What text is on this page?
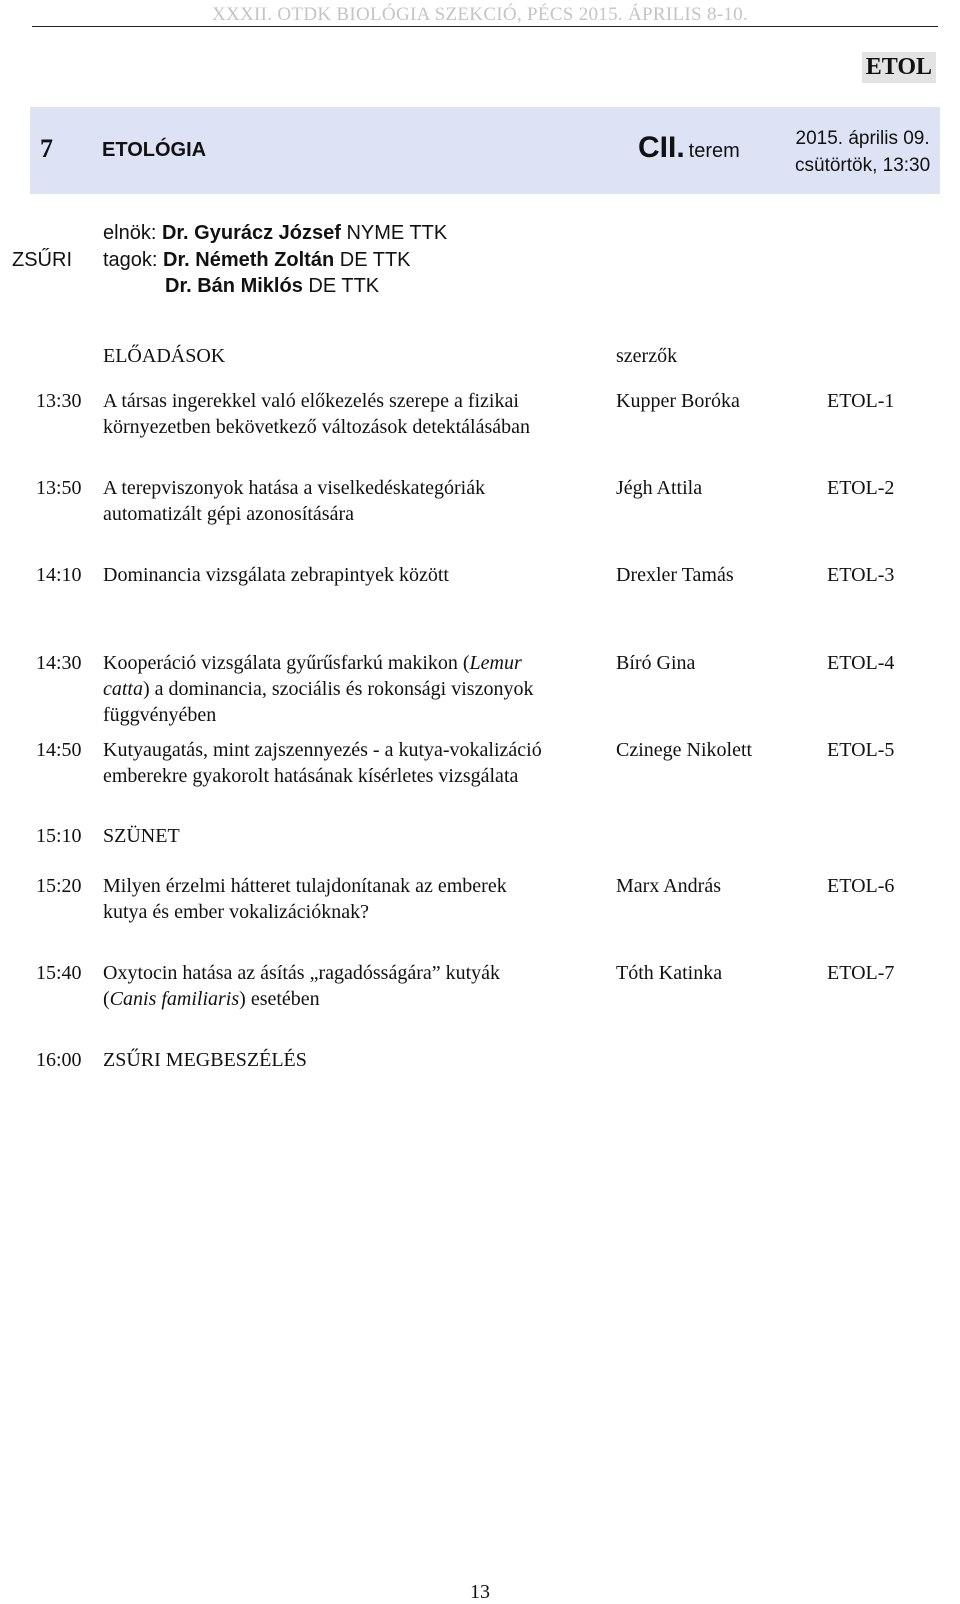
XXXII. OTDK BIOLÓGIA SZEKCIÓ, PÉCS 2015. ÁPRILIS 8-10.
ETOL
7 ETOLÓGIA	CII. terem
2015. április 09.
csütörtök, 13:30
ZSŰRI
elnök: Dr. Gyurácz József NYME TTK
tagok: Dr. Németh Zoltán DE TTK
Dr. Bán Miklós DE TTK
ELŐADÁSOK	szerzők
13:30 A társas ingerekkel való előkezelés szerepe a fizikai
környezetben bekövetkező változások detektálásában
Kupper Boróka	ETOL-1
13:50 A terepviszonyok hatása a viselkedéskategóriák
automatizált gépi azonosítására
Jégh Attila	ETOL-2
14:10 Dominancia vizsgálata zebrapintyek között	Drexler Tamás	ETOL-3
14:30 Kooperáció vizsgálata gyűrűsfarkú makikon (Lemur
catta) a dominancia, szociális és rokonsági viszonyok
függvényében
Bíró Gina	ETOL-4
14:50 Kutyaugatás, mint zajszennyezés - a kutya-vokalizáció
emberekre gyakorolt hatásának kísérletes vizsgálata
Czinege Nikolett	ETOL-5
15:10 SZÜNET
15:20 Milyen érzelmi hátteret tulajdonítanak az emberek
kutya és ember vokalizációknak?
Marx András	ETOL-6
15:40 Oxytocin hatása az ásítás „ragadósságára” kutyák
(Canis familiaris) esetében
Tóth Katinka	ETOL-7
16:00 ZSŰRI MEGBESZÉLÉS
13
